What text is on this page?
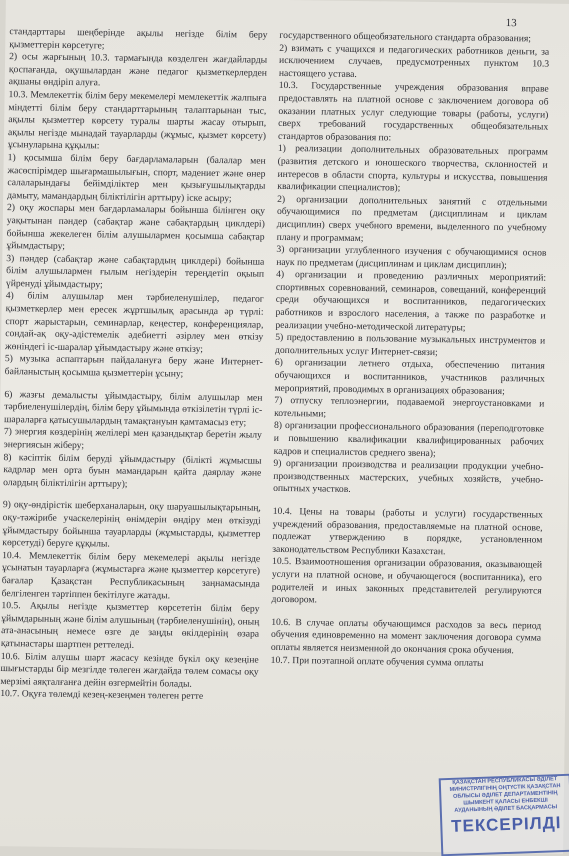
13

стандарттары шеңберінде ақылы негізде білім беру қызметтерін көрсетуге;

2) осы жарғының 10.3. тармағында көзделген жағдайларды қоспағанда, оқушылардан және педагог қызметкерлерден ақшаны өндіріп алуға.

10.3. Мемлекеттік білім беру мекемелері мемлекеттік жалпыға міндетті білім беру стандарттарының талаптарынан тыс, ақылы қызметтер көрсету туралы шарты жасау отырып, ақылы негізде мынадай тауарларды (жұмыс, қызмет көрсету) ұсынуларына құқылы:

1) қосымша білім беру бағдарламаларын (балалар мен жасөспірімдер шығармашылығын, спорт, мәдениет және өнер салаларындағы бейімділіктер мен қызығушылықтарды дамыту, мамандардың біліктілігін арттыру) іске асыру;

2) оқу жоспары мен бағдарламалары бойынша білінген оқу уақытынан пәндер (сабақтар және сабақтардың циклдері) бойынша жекелеген білім алушылармен қосымша сабақтар ұйымдастыру;

3) пәндер (сабақтар және сабақтардың циклдері) бойынша білім алушылармен ғылым негіздерін тереңдетіп оқыып үйренуді ұйымдастыру;

4) білім алушылар мен тәрбиеленушілер, педагог қызметкерлер мен ересек жұртшылық арасында әр түрлі: спорт жарыстарын, семинарлар, кеңестер, конференциялар, сондай-ақ оқу-әдістемелік әдебиетті әзірлеу мен өткізу жөніндегі іс-шаралар ұйымдастыру және өткізу;

5) музыка аспаптарын пайдалануға беру және Интернет-байланыстың қосымша қызметтерін ұсыну;

6) жазғы демалысты ұйымдастыру, білім алушылар мен тәрбиеленушілердің, білім беру ұйымында өткізілетін түрлі іс-шараларға қатысушылардың тамақтануын қамтамасыз ету;

7) энергия көздерінің желілері мен қазандықтар беретін жылу энергиясын жіберу;

8) кәсіптік білім беруді ұйымдастыру (біліктi жұмысшы кадрлар мен орта буын мамандарын қайта даярлау және олардың біліктілігін арттыру);

9) оқу-өндірістік шеберханаларын, оқу шаруашылықтарының, оқу-тәжірибе учаскелерінің өнімдерін өндіру мен өткізуді ұйымдастыру бойынша тауарларды (жұмыстарды, қызметтер көрсетуді) беруге құқылы.

10.4. Мемлекеттік білім беру мекемелері ақылы негізде ұсынатын тауарларға (жұмыстарға және қызметтер көрсетуге) бағалар Қазақстан Республикасының заңнамасында белгіленген тәртіппен бекітілуге жатады.

10.5. Ақылы негізде қызметтер көрсететін білім беру ұйымдарының және білім алушының (тәрбиеленушінің), оның ата-анасының немесе өзге де заңды өкілдерінің өзара қатынастары шартпен реттеледі.

10.6. Білім алушы шарт жасасу кезінде бүкіл оқу кезеңіне шығыстарды бір мезгілде төлеген жағдайда төлем сомасы оқу мерзімі аяқталғанға дейін өзгермейтін болады.

10.7. Оқуға төлемді кезең-кезеңмен төлеген ретте

государственного общеобязательного стандарта образования;

2) взимать с учащихся и педагогических работников деньги, за исключением случаев, предусмотренных пунктом 10.3 настоящего устава.

10.3. Государственные учреждения образования вправе предоставлять на платной основе с заключением договора об оказании платных услуг следующие товары (работы, услуги) сверх требований государственных общеобязательных стандартов образования по:

1) реализации дополнительных образовательных программ (развития детского и юношеского творчества, склонностей и интересов в области спорта, культуры и искусства, повышения квалификации специалистов);

2) организации дополнительных занятий с отдельными обучающимися по предметам (дисциплинам и циклам дисциплин) сверх учебного времени, выделенного по учебному плану и программам;

3) организации углубленного изучения с обучающимися основ наук по предметам (дисциплинам и циклам дисциплин);

4) организации и проведению различных мероприятий: спортивных соревнований, семинаров, совещаний, конференций среди обучающихся и воспитанников, педагогических работников и взрослого населения, а также по разработке и реализации учебно-методической литературы;

5) предоставлению в пользование музыкальных инструментов и дополнительных услуг Интернет-связи;

6) организации летнего отдыха, обеспечению питания обучающихся и воспитанников, участников различных мероприятий, проводимых в организациях образования;

7) отпуску теплоэнергии, подаваемой энергоустановками и котельными;

8) организации профессионального образования (переподготовке и повышению квалификации квалифицированных рабочих кадров и специалистов среднего звена);

9) организации производства и реализации продукции учебно-производственных мастерских, учебных хозяйств, учебно-опытных участков.

10.4. Цены на товары (работы и услуги) государственных учреждений образования, предоставляемые на платной основе, подлежат утверждению в порядке, установленном законодательством Республики Казахстан.

10.5. Взаимоотношения организации образования, оказывающей услуги на платной основе, и обучающегося (воспитанника), его родителей и иных законных представителей регулируются договором.

10.6. В случае оплаты обучающимся расходов за весь период обучения единовременно на момент заключения договора сумма оплаты является неизменной до окончания срока обучения.

10.7. При поэтапной оплате обучения сумма оплаты

ҚАЗАҚСТАН РЕСПУБЛИКАСЫ ӘДІЛЕТ
МИНИСТРЛІГІНІҢ ОҢТҮСТІК ҚАЗАҚСТАН
ОБЛЫСЫ ӘДІЛЕТ ДЕПАРТАМЕНТІНІҢ
ШЫМКЕНТ ҚАЛАСЫ ЕНБЕКШІ
АУДАНЫНЫҢ ӘДІЛЕТ БАСҚАРМАСЫ
ТЕКСЕРІЛДІ
